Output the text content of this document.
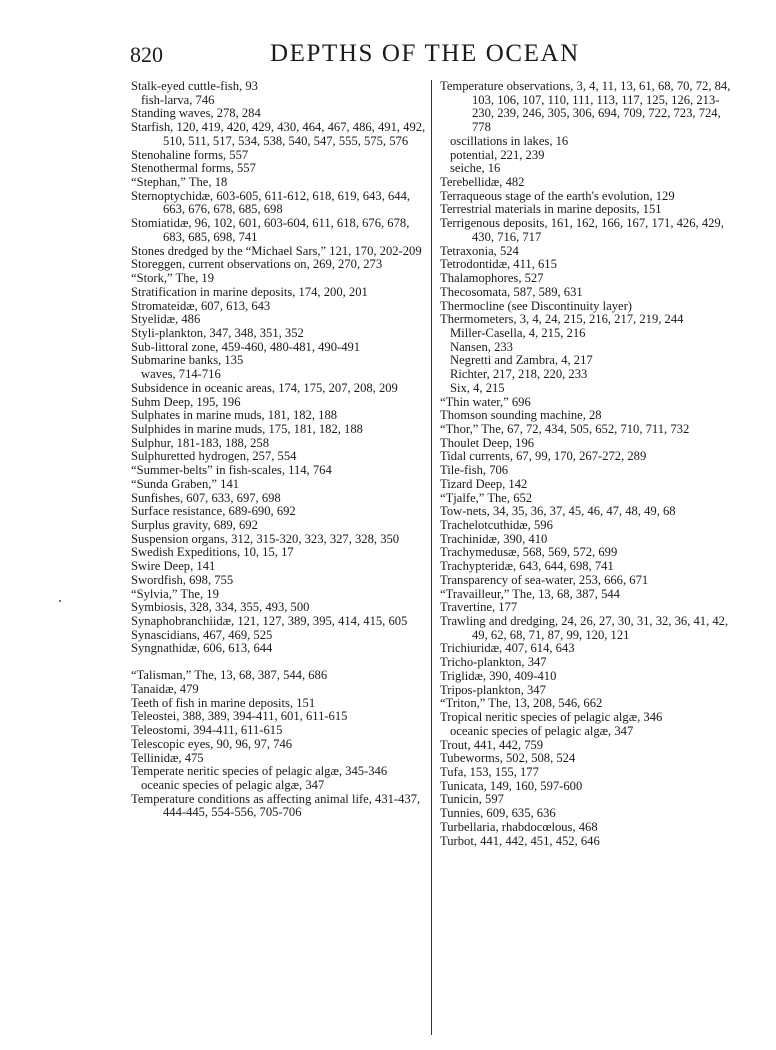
820	DEPTHS OF THE OCEAN
Stalk-eyed cuttle-fish, 93
fish-larva, 746
Standing waves, 278, 284
Starfish, 120, 419, 420, 429, 430, 464, 467, 486, 491, 492, 510, 511, 517, 534, 538, 540, 547, 555, 575, 576
Stenohaline forms, 557
Stenothermal forms, 557
“Stephan,” The, 18
Sternoptychidæ, 603-605, 611-612, 618, 619, 643, 644, 663, 676, 678, 685, 698
Stomiatidæ, 96, 102, 601, 603-604, 611, 618, 676, 678, 683, 685, 698, 741
Stones dredged by the “Michael Sars,” 121, 170, 202-209
Storeggen, current observations on, 269, 270, 273
“Stork,” The, 19
Stratification in marine deposits, 174, 200, 201
Stromateidæ, 607, 613, 643
Styelidæ, 486
Styli-plankton, 347, 348, 351, 352
Sub-littoral zone, 459-460, 480-481, 490-491
Submarine banks, 135
waves, 714-716
Subsidence in oceanic areas, 174, 175, 207, 208, 209
Suhm Deep, 195, 196
Sulphates in marine muds, 181, 182, 188
Sulphides in marine muds, 175, 181, 182, 188
Sulphur, 181-183, 188, 258
Sulphuretted hydrogen, 257, 554
“Summer-belts” in fish-scales, 114, 764
“Sunda Graben,” 141
Sunfishes, 607, 633, 697, 698
Surface resistance, 689-690, 692
Surplus gravity, 689, 692
Suspension organs, 312, 315-320, 323, 327, 328, 350
Swedish Expeditions, 10, 15, 17
Swire Deep, 141
Swordfish, 698, 755
“Sylvia,” The, 19
Symbiosis, 328, 334, 355, 493, 500
Synaphobranchiidæ, 121, 127, 389, 395, 414, 415, 605
Synascidians, 467, 469, 525
Syngnathidæ, 606, 613, 644
“Talisman,” The, 13, 68, 387, 544, 686
Tanaidæ, 479
Teeth of fish in marine deposits, 151
Teleostei, 388, 389, 394-411, 601, 611-615
Teleostomi, 394-411, 611-615
Telescopic eyes, 90, 96, 97, 746
Tellinidæ, 475
Temperate neritic species of pelagic algæ, 345-346
oceanic species of pelagic algæ, 347
Temperature conditions as affecting animal life, 431-437, 444-445, 554-556, 705-706
Temperature observations, 3, 4, 11, 13, 61, 68, 70, 72, 84, 103, 106, 107, 110, 111, 113, 117, 125, 126, 213-230, 239, 246, 305, 306, 694, 709, 722, 723, 724, 778
oscillations in lakes, 16
potential, 221, 239
seiche, 16
Terebellidæ, 482
Terraqueous stage of the earth's evolution, 129
Terrestrial materials in marine deposits, 151
Terrigenous deposits, 161, 162, 166, 167, 171, 426, 429, 430, 716, 717
Tetraxonia, 524
Tetrodontidæ, 411, 615
Thalamophores, 527
Thecosomata, 587, 589, 631
Thermocline (see Discontinuity layer)
Thermometers, 3, 4, 24, 215, 216, 217, 219, 244
Miller-Casella, 4, 215, 216
Nansen, 233
Negretti and Zambra, 4, 217
Richter, 217, 218, 220, 233
Six, 4, 215
“Thin water,” 696
Thomson sounding machine, 28
“Thor,” The, 67, 72, 434, 505, 652, 710, 711, 732
Thoulet Deep, 196
Tidal currents, 67, 99, 170, 267-272, 289
Tile-fish, 706
Tizard Deep, 142
“Tjalfe,” The, 652
Tow-nets, 34, 35, 36, 37, 45, 46, 47, 48, 49, 68
Trachelotcuthidæ, 596
Trachinidæ, 390, 410
Trachymedusæ, 568, 569, 572, 699
Trachypteridæ, 643, 644, 698, 741
Transparency of sea-water, 253, 666, 671
“Travailleur,” The, 13, 68, 387, 544
Travertine, 177
Trawling and dredging, 24, 26, 27, 30, 31, 32, 36, 41, 42, 49, 62, 68, 71, 87, 99, 120, 121
Trichiuridæ, 407, 614, 643
Tricho-plankton, 347
Triglidæ, 390, 409-410
Tripos-plankton, 347
“Triton,” The, 13, 208, 546, 662
Tropical neritic species of pelagic algæ, 346
oceanic species of pelagic algæ, 347
Trout, 441, 442, 759
Tubeworms, 502, 508, 524
Tufa, 153, 155, 177
Tunicata, 149, 160, 597-600
Tunicin, 597
Tunnies, 609, 635, 636
Turbellaria, rhabdocœlous, 468
Turbot, 441, 442, 451, 452, 646
